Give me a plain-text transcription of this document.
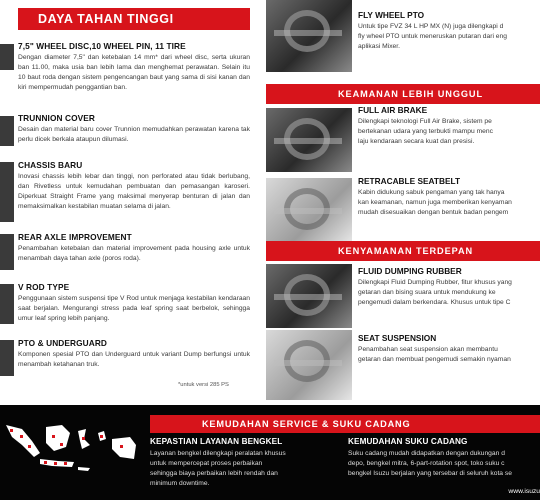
DAYA TAHAN TINGGI
7,5" WHEEL DISC,10 WHEEL PIN, 11 TIRE

Dengan diameter 7,5" dan ketebalan 14 mm* dari wheel disc, serta ukuran ban 11.00, maka usia ban lebih lama dan menghemat perawatan. Selain itu 10 baut roda dengan sistem pengencangan baut yang sama di sisi kanan dan kiri mempermudah penggantian ban.

TRUNNION COVER

Desain dan material baru cover Trunnion memudahkan perawatan karena tak perlu dicek berkala ataupun dilumasi.

CHASSIS BARU

Inovasi chassis lebih lebar dan tinggi, non perforated atau tidak berlubang, dan Rivetless untuk kemudahan pembuatan dan pemasangan karoseri. Diperkuat Straight Frame yang maksimal menyerap benturan di jalan dan memaksimalkan kestabilan muatan selama di jalan.

REAR AXLE IMPROVEMENT

Penambahan ketebalan dan material improvement pada housing axle untuk menambah daya tahan axle (poros roda).

V ROD TYPE

Penggunaan sistem suspensi tipe V Rod untuk menjaga kestabilan kendaraan saat berjalan. Mengurangi stress pada leaf spring saat berbelok, sehingga umur leaf spring lebih panjang.

PTO & UNDERGUARD

Komponen spesial PTO dan Underguard untuk variant Dump berfungsi untuk menambah ketahanan truk.

*untuk versi 285 PS
FLY WHEEL PTO

Untuk tipe FVZ 34 L HP MX (N) juga dilengkapi d

fly wheel PTO untuk meneruskan putaran dari eng

aplikasi Mixer.

KEAMANAN LEBIH UNGGUL
FULL AIR BRAKE

Dilengkapi teknologi Full Air Brake, sistem pe

bertekanan udara yang terbukti mampu menc

laju kendaraan secara kuat dan presisi.

RETRACABLE SEATBELT

Kabin didukung sabuk pengaman yang tak hanya

kan keamanan, namun juga memberikan kenyaman

mudah disesuaikan dengan bentuk badan pengem

KENYAMANAN TERDEPAN
FLUID DUMPING RUBBER

Dilengkapi Fluid Dumping Rubber, fitur khusus yang

getaran dan bising suara untuk mendukung ke

pengemudi dalam berkendara. Khusus untuk tipe C

SEAT SUSPENSION

Penambahan seat suspension akan membantu

getaran dan membuat pengemudi semakin nyaman

KEMUDAHAN SERVICE & SUKU CADANG
KEPASTIAN LAYANAN BENGKEL

Layanan bengkel dilengkapi peralatan khusus

untuk mempercepat proses perbaikan

sehingga biaya perbaikan lebih rendah dan

minimum downtime.

KEMUDAHAN SUKU CADANG

Suku cadang mudah didapatkan dengan dukungan d

depo, bengkel mitra, 6-part-rotation spot, toko suku c

bengkel Isuzu berjalan yang tersebar di seluruh kota se

www.isuzu
